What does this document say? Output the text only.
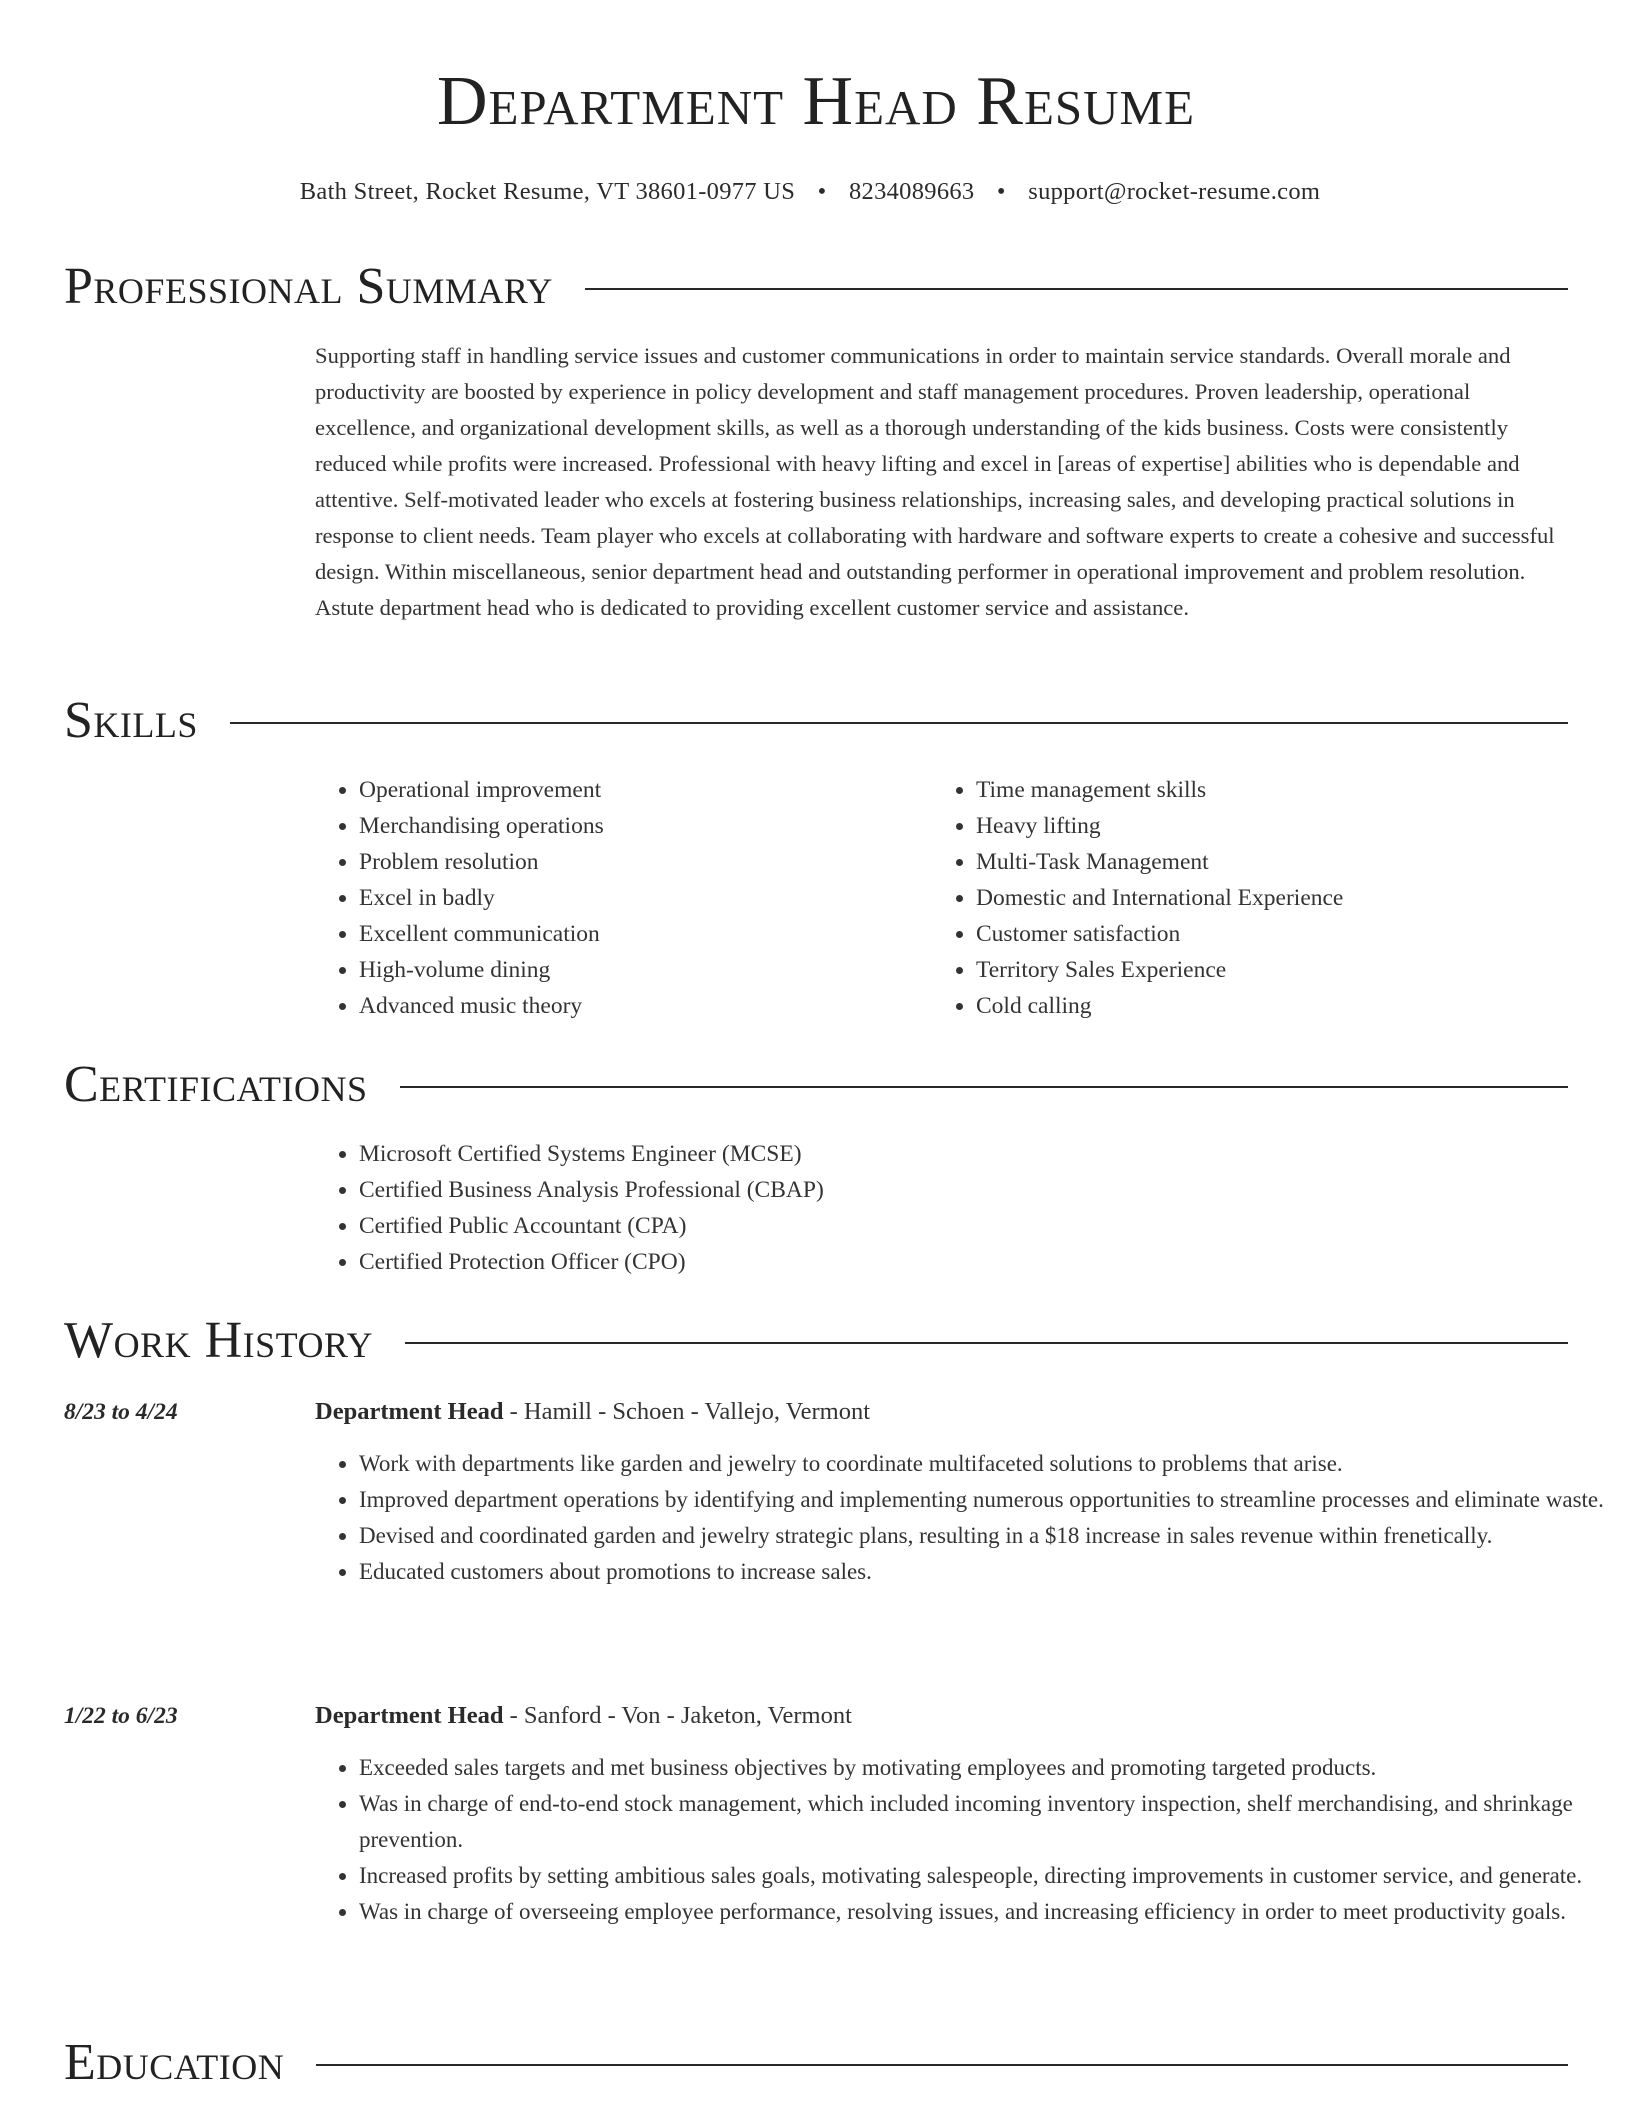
Department Head Resume
Bath Street, Rocket Resume, VT 38601-0977 US • 8234089663 • support@rocket-resume.com
Professional Summary
Supporting staff in handling service issues and customer communications in order to maintain service standards. Overall morale and productivity are boosted by experience in policy development and staff management procedures. Proven leadership, operational excellence, and organizational development skills, as well as a thorough understanding of the kids business. Costs were consistently reduced while profits were increased. Professional with heavy lifting and excel in [areas of expertise] abilities who is dependable and attentive. Self-motivated leader who excels at fostering business relationships, increasing sales, and developing practical solutions in response to client needs. Team player who excels at collaborating with hardware and software experts to create a cohesive and successful design. Within miscellaneous, senior department head and outstanding performer in operational improvement and problem resolution. Astute department head who is dedicated to providing excellent customer service and assistance.
Skills
• Operational improvement
• Merchandising operations
• Problem resolution
• Excel in badly
• Excellent communication
• High-volume dining
• Advanced music theory
• Time management skills
• Heavy lifting
• Multi-Task Management
• Domestic and International Experience
• Customer satisfaction
• Territory Sales Experience
• Cold calling
Certifications
• Microsoft Certified Systems Engineer (MCSE)
• Certified Business Analysis Professional (CBAP)
• Certified Public Accountant (CPA)
• Certified Protection Officer (CPO)
Work History
8/23 to 4/24	Department Head - Hamill - Schoen - Vallejo, Vermont
• Work with departments like garden and jewelry to coordinate multifaceted solutions to problems that arise.
• Improved department operations by identifying and implementing numerous opportunities to streamline processes and eliminate waste.
• Devised and coordinated garden and jewelry strategic plans, resulting in a $18 increase in sales revenue within frenetically.
• Educated customers about promotions to increase sales.
1/22 to 6/23	Department Head - Sanford - Von - Jaketon, Vermont
• Exceeded sales targets and met business objectives by motivating employees and promoting targeted products.
• Was in charge of end-to-end stock management, which included incoming inventory inspection, shelf merchandising, and shrinkage prevention.
• Increased profits by setting ambitious sales goals, motivating salespeople, directing improvements in customer service, and generate.
• Was in charge of overseeing employee performance, resolving issues, and increasing efficiency in order to meet productivity goals.
Education
